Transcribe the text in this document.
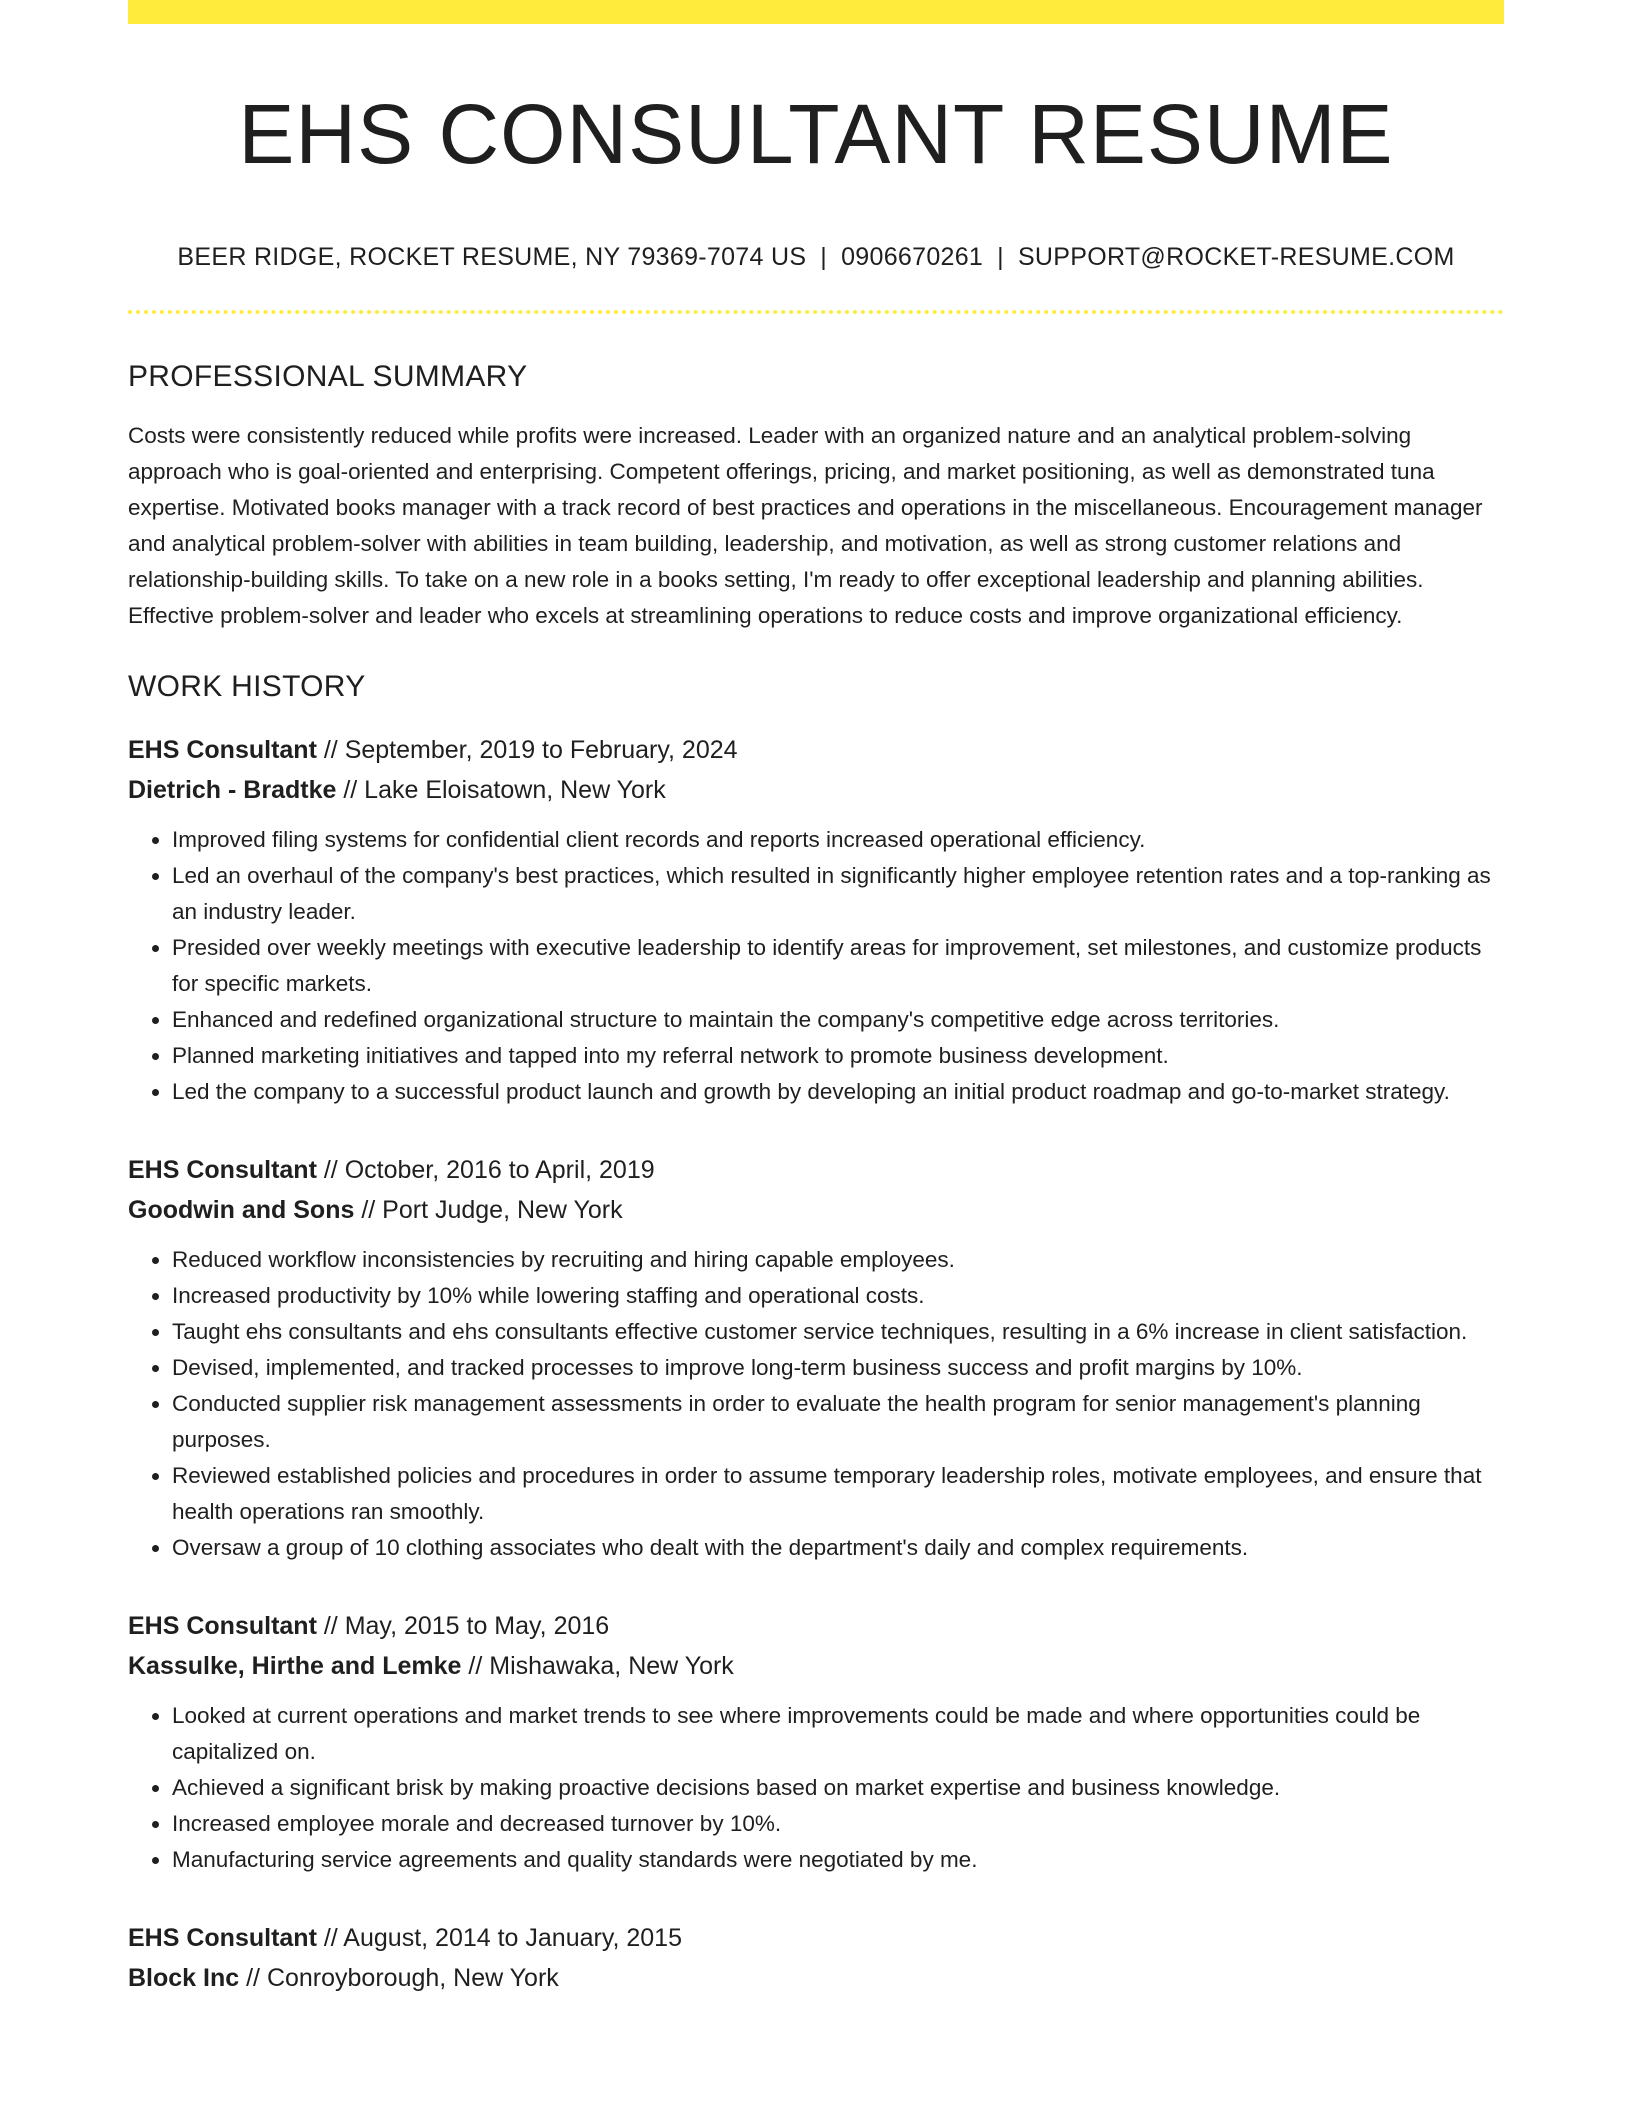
EHS CONSULTANT RESUME
BEER RIDGE, ROCKET RESUME, NY 79369-7074 US | 0906670261 | SUPPORT@ROCKET-RESUME.COM
PROFESSIONAL SUMMARY

Costs were consistently reduced while profits were increased. Leader with an organized nature and an analytical problem-solving approach who is goal-oriented and enterprising. Competent offerings, pricing, and market positioning, as well as demonstrated tuna expertise. Motivated books manager with a track record of best practices and operations in the miscellaneous. Encouragement manager and analytical problem-solver with abilities in team building, leadership, and motivation, as well as strong customer relations and relationship-building skills. To take on a new role in a books setting, I'm ready to offer exceptional leadership and planning abilities. Effective problem-solver and leader who excels at streamlining operations to reduce costs and improve organizational efficiency.

WORK HISTORY
EHS Consultant // September, 2019 to February, 2024
Dietrich - Bradtke // Lake Eloisatown, New York
• Improved filing systems for confidential client records and reports increased operational efficiency.
• Led an overhaul of the company's best practices, which resulted in significantly higher employee retention rates and a top-ranking as an industry leader.
• Presided over weekly meetings with executive leadership to identify areas for improvement, set milestones, and customize products for specific markets.
• Enhanced and redefined organizational structure to maintain the company's competitive edge across territories.
• Planned marketing initiatives and tapped into my referral network to promote business development.
• Led the company to a successful product launch and growth by developing an initial product roadmap and go-to-market strategy.
EHS Consultant // October, 2016 to April, 2019
Goodwin and Sons // Port Judge, New York
• Reduced workflow inconsistencies by recruiting and hiring capable employees.
• Increased productivity by 10% while lowering staffing and operational costs.
• Taught ehs consultants and ehs consultants effective customer service techniques, resulting in a 6% increase in client satisfaction.
• Devised, implemented, and tracked processes to improve long-term business success and profit margins by 10%.
• Conducted supplier risk management assessments in order to evaluate the health program for senior management's planning purposes.
• Reviewed established policies and procedures in order to assume temporary leadership roles, motivate employees, and ensure that health operations ran smoothly.
• Oversaw a group of 10 clothing associates who dealt with the department's daily and complex requirements.
EHS Consultant // May, 2015 to May, 2016
Kassulke, Hirthe and Lemke // Mishawaka, New York
• Looked at current operations and market trends to see where improvements could be made and where opportunities could be capitalized on.
• Achieved a significant brisk by making proactive decisions based on market expertise and business knowledge.
• Increased employee morale and decreased turnover by 10%.
• Manufacturing service agreements and quality standards were negotiated by me.
EHS Consultant // August, 2014 to January, 2015
Block Inc // Conroyborough, New York
